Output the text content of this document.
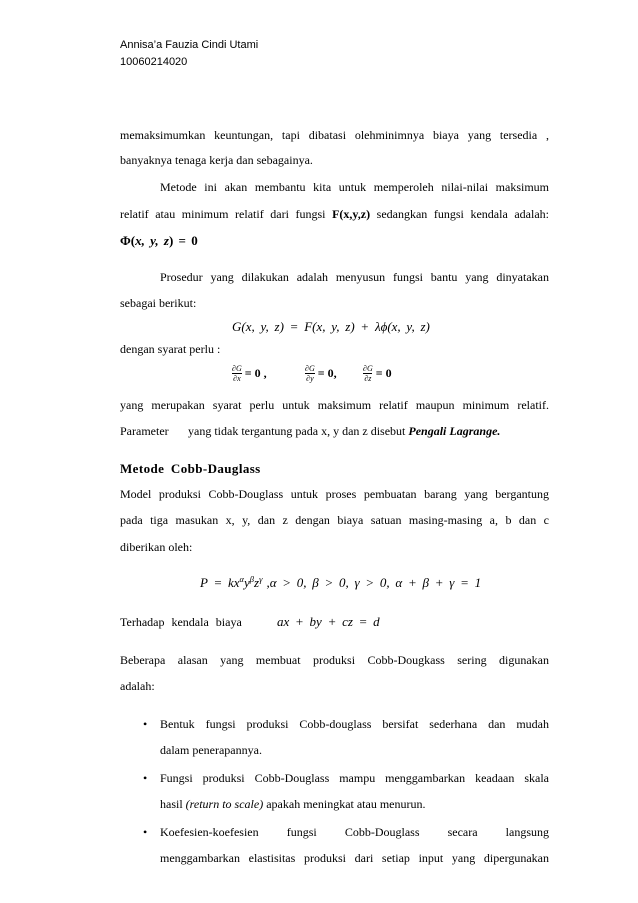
Annisa’a Fauzia Cindi Utami
10060214020
memaksimumkan keuntungan, tapi dibatasi olehminimnya biaya yang tersedia ,
banyaknya tenaga kerja dan sebagainya.
Metode ini akan membantu kita untuk memperoleh nilai-nilai maksimum
relatif atau minimum relatif dari fungsi F(x,y,z) sedangkan fungsi kendala adalah:
Φ(x, y, z) = 0
Prosedur yang dilakukan adalah menyusun fungsi bantu yang dinyatakan
sebagai berikut:
G(x, y, z) = F(x, y, z) + λϕ(x, y, z)
dengan syarat perlu :
$\frac{\partial G}{\partial x} = 0$ ,	$\frac{\partial G}{\partial y} = 0$,	$\frac{\partial G}{\partial z} = 0$
yang merupakan syarat perlu untuk maksimum relatif maupun minimum relatif.
Parameter yang tidak tergantung pada x, y dan z disebut Pengali Lagrange.
Metode Cobb-Dauglass
Model produksi Cobb-Douglass untuk proses pembuatan barang yang bergantung
pada tiga masukan x, y, dan z dengan biaya satuan masing-masing a, b dan c
diberikan oleh:
$P = kx^\alpha y^\beta z^\gamma$ ,α > 0, β > 0, γ > 0, α + β + γ = 1
Terhadap kendala biaya	ax + by + cz = d
Beberapa alasan yang membuat produksi Cobb-Dougkass sering digunakan
adalah:
• Bentuk fungsi produksi Cobb-douglass bersifat sederhana dan mudah
dalam penerapannya.
• Fungsi produksi Cobb-Douglass mampu menggambarkan keadaan skala
hasil (return to scale) apakah meningkat atau menurun.
• Koefesien-koefesien fungsi Cobb-Douglass secara langsung
menggambarkan elastisitas produksi dari setiap input yang dipergunakan
